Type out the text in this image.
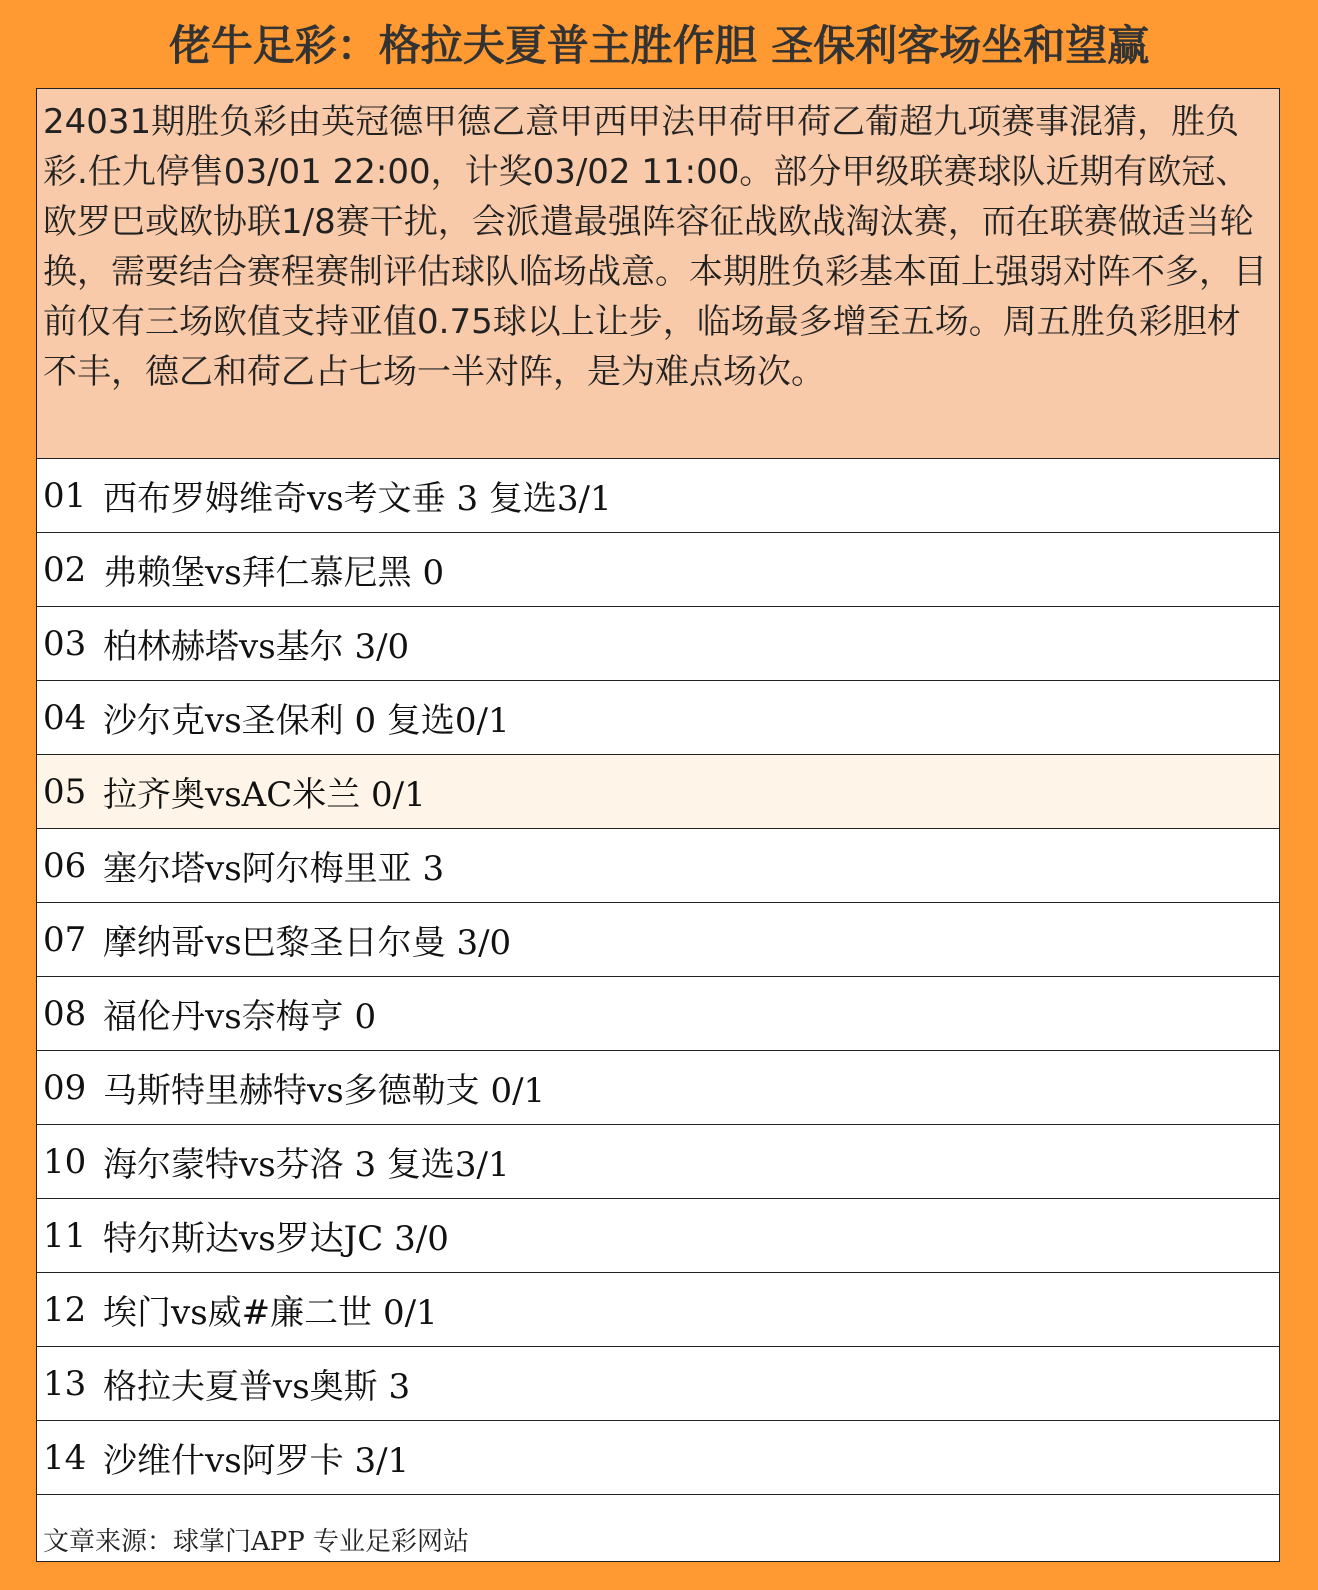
佬牛足彩：格拉夫夏普主胜作胆 圣保利客场坐和望赢
24031期胜负彩由英冠德甲德乙意甲西甲法甲荷甲荷乙葡超九项赛事混猜，胜负彩.任九停售03/01 22:00，计奖03/02 11:00。部分甲级联赛球队近期有欧冠、欧罗巴或欧协联1/8赛干扰，会派遣最强阵容征战欧战淘汰赛，而在联赛做适当轮换，需要结合赛程赛制评估球队临场战意。本期胜负彩基本面上强弱对阵不多，目前仅有三场欧值支持亚值0.75球以上让步，临场最多增至五场。周五胜负彩胆材不丰，德乙和荷乙占七场一半对阵，是为难点场次。
01 西布罗姆维奇vs考文垂 3 复选3/1
02 弗赖堡vs拜仁慕尼黑 0
03 柏林赫塔vs基尔 3/0
04 沙尔克vs圣保利 0 复选0/1
05 拉齐奥vsAC米兰 0/1
06 塞尔塔vs阿尔梅里亚 3
07 摩纳哥vs巴黎圣日尔曼 3/0
08 福伦丹vs奈梅亨 0
09 马斯特里赫特vs多德勒支 0/1
10 海尔蒙特vs芬洛 3 复选3/1
11 特尔斯达vs罗达JC 3/0
12 埃门vs威#廉二世 0/1
13 格拉夫夏普vs奥斯 3
14 沙维什vs阿罗卡 3/1
文章来源：球掌门APP 专业足彩网站
